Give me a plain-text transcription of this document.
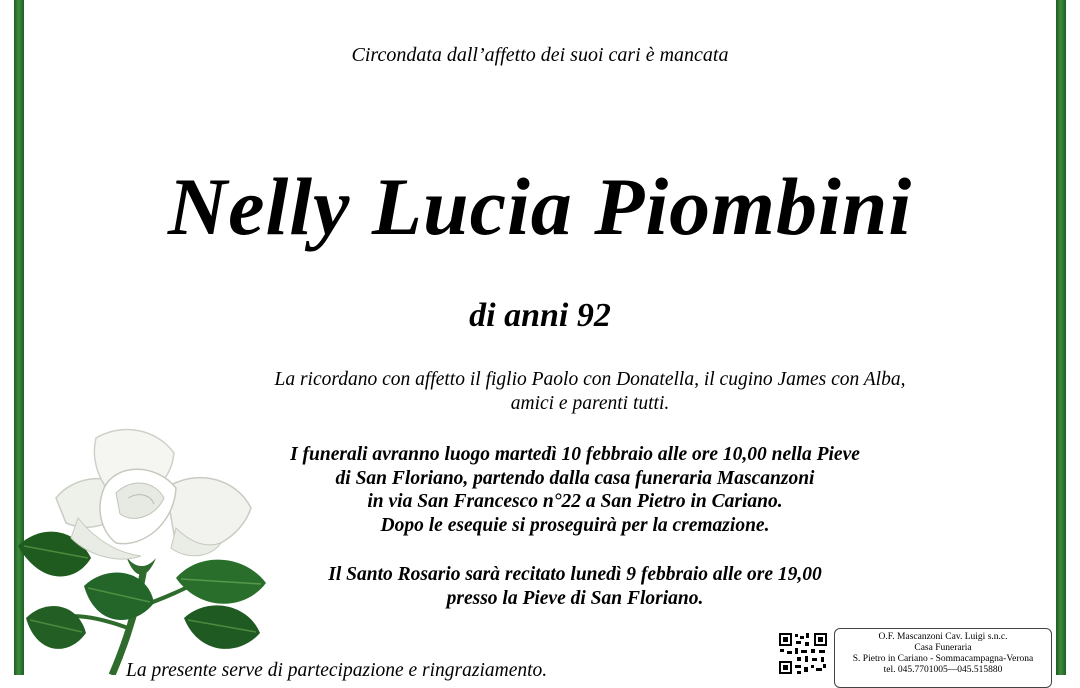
Circondata dall’affetto dei suoi cari è mancata
Nelly Lucia Piombini
di anni 92
La ricordano con affetto il figlio Paolo con Donatella, il cugino James con Alba,
amici e parenti tutti.
I funerali avranno luogo martedì 10 febbraio alle ore 10,00 nella Pieve
di San Floriano, partendo dalla casa funeraria Mascanzoni
in via San Francesco n°22 a San Pietro in Cariano.
Dopo le esequie si proseguirà per la cremazione.
Il Santo Rosario sarà recitato lunedì 9 febbraio alle ore 19,00
presso la Pieve di San Floriano.
La presente serve di partecipazione e ringraziamento.
O.F. Mascanzoni Cav. Luigi s.n.c.
Casa Funeraria
S. Pietro in Cariano - Sommacampagna-Verona
tel. 045.7701005—045.515880
